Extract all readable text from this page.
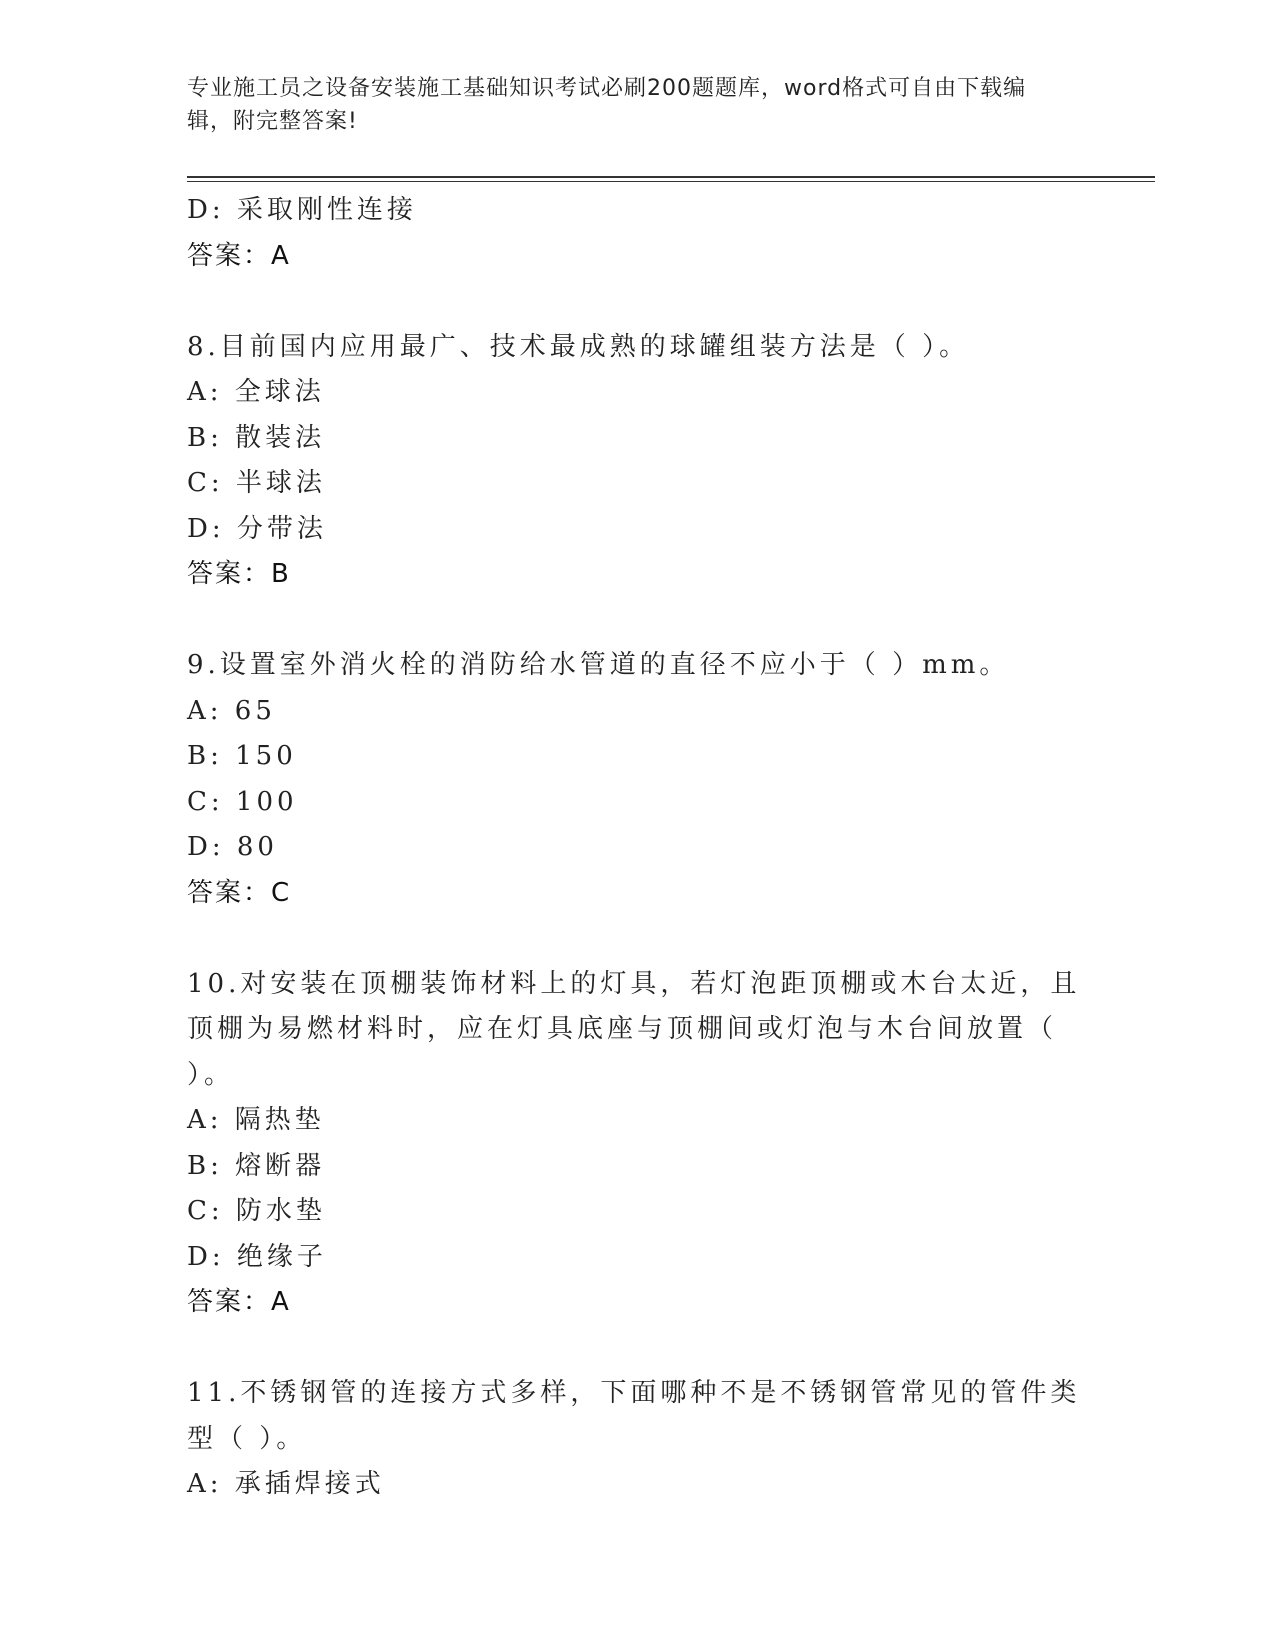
专业施工员之设备安装施工基础知识考试必刷200题题库，word格式可自由下载编辑，附完整答案!
D: 采取刚性连接
答案：A
8.目前国内应用最广、技术最成熟的球罐组装方法是（ ）。
A: 全球法
B: 散装法
C: 半球法
D: 分带法
答案：B
9.设置室外消火栓的消防给水管道的直径不应小于（ ）mm。
A: 65
B: 150
C: 100
D: 80
答案：C
10.对安装在顶棚装饰材料上的灯具，若灯泡距顶棚或木台太近，且顶棚为易燃材料时，应在灯具底座与顶棚间或灯泡与木台间放置（ ）。
A: 隔热垫
B: 熔断器
C: 防水垫
D: 绝缘子
答案：A
11.不锈钢管的连接方式多样，下面哪种不是不锈钢管常见的管件类型（ ）。
A: 承插焊接式
